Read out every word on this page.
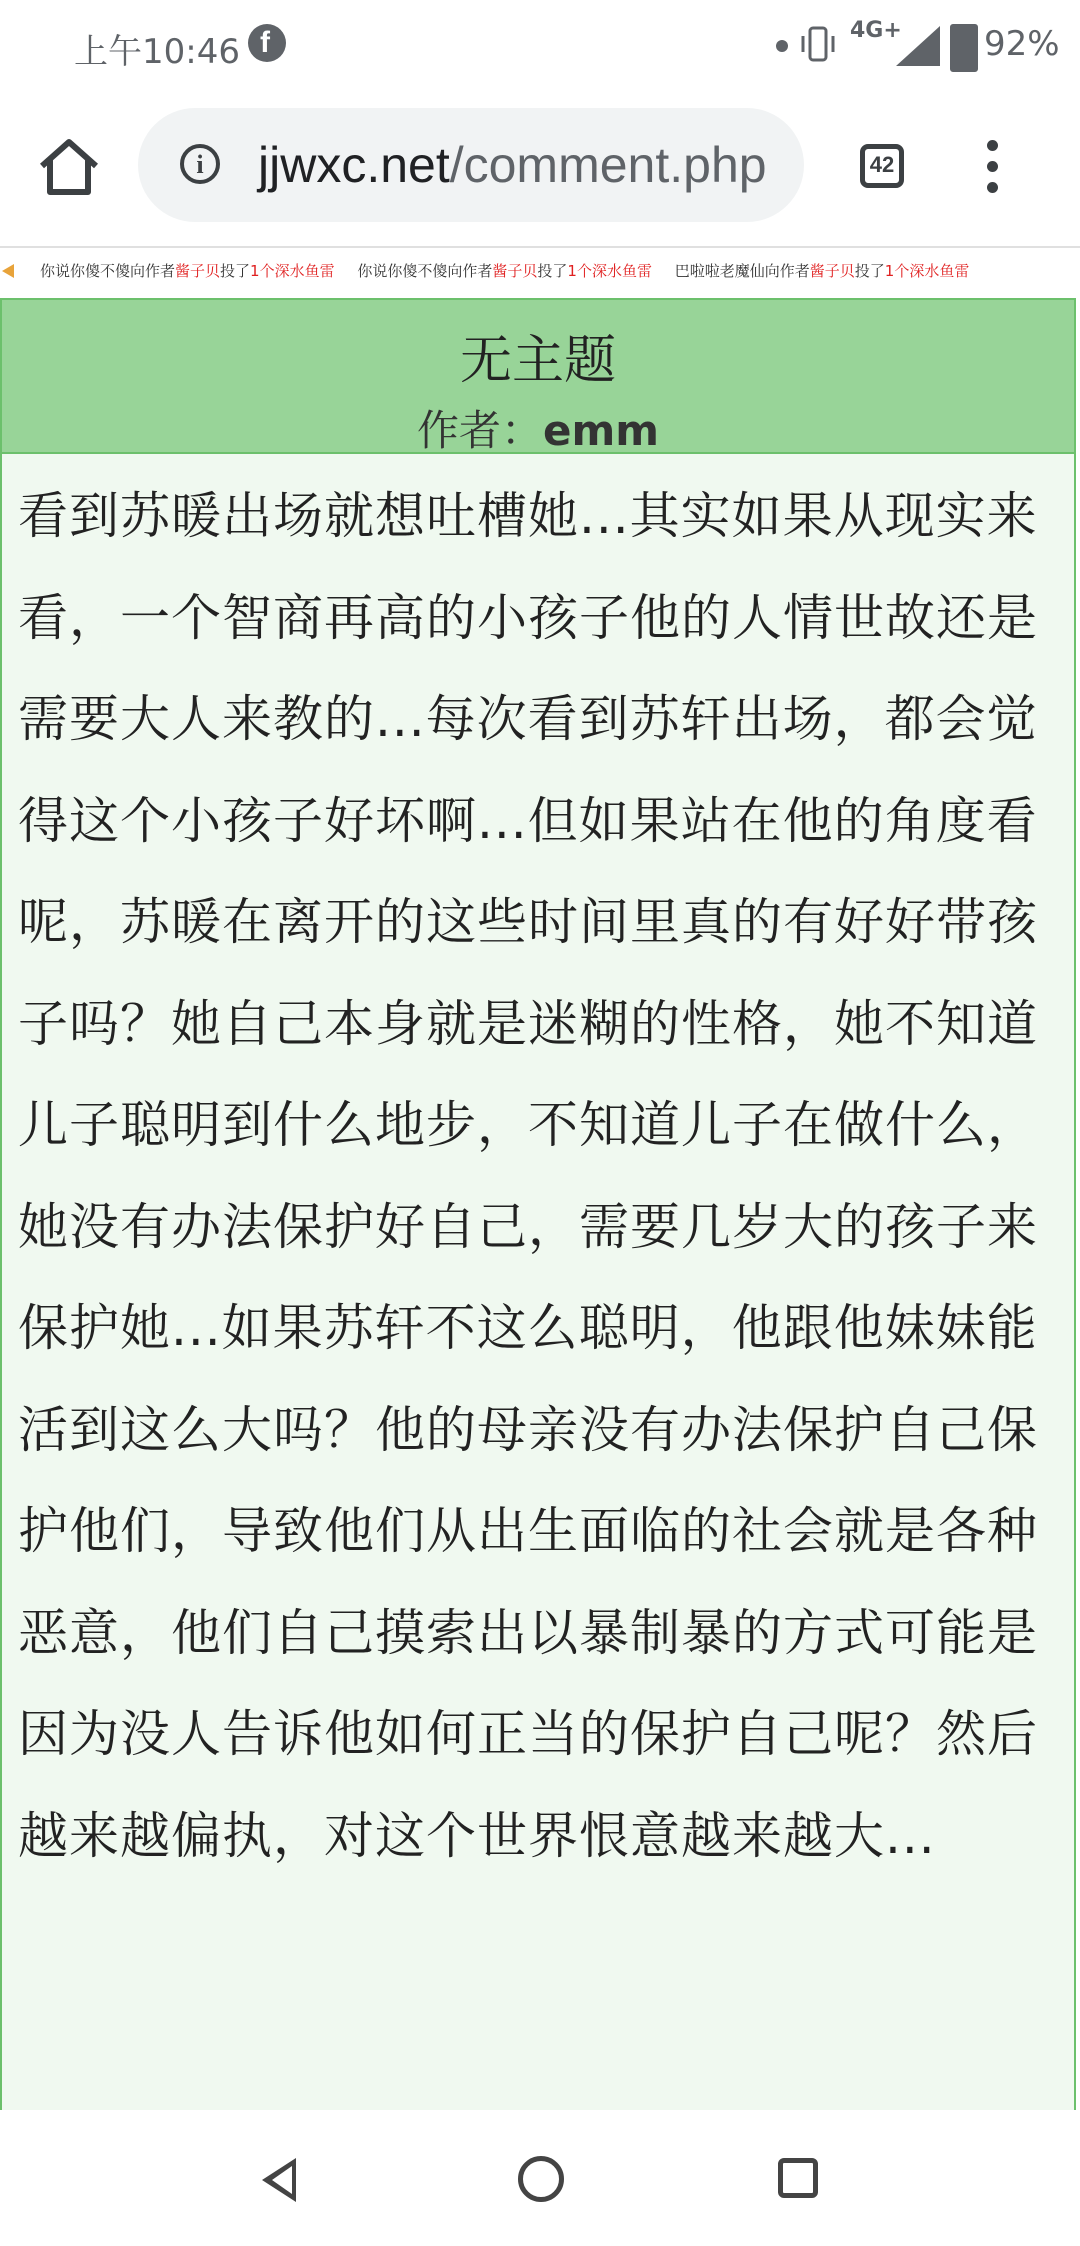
上午10:46 f	4G+ 92%
i jjwxc.net/comment.php	42
你说你傻不傻向作者酱子贝投了1个深水鱼雷 你说你傻不傻向作者酱子贝投了1个深水鱼雷 巴啦啦老魔仙向作者酱子贝投了1个深水鱼雷
无主题
作者：emm
看到苏暖出场就想吐槽她...其实如果从现实来看，一个智商再高的小孩子他的人情世故还是需要大人来教的...每次看到苏轩出场，都会觉得这个小孩子好坏啊...但如果站在他的角度看呢，苏暖在离开的这些时间里真的有好好带孩子吗？她自己本身就是迷糊的性格，她不知道儿子聪明到什么地步，不知道儿子在做什么，她没有办法保护好自己，需要几岁大的孩子来保护她...如果苏轩不这么聪明，他跟他妹妹能活到这么大吗？他的母亲没有办法保护自己保护他们，导致他们从出生面临的社会就是各种恶意，他们自己摸索出以暴制暴的方式可能是因为没人告诉他如何正当的保护自己呢？然后越来越偏执，对这个世界恨意越来越大...
